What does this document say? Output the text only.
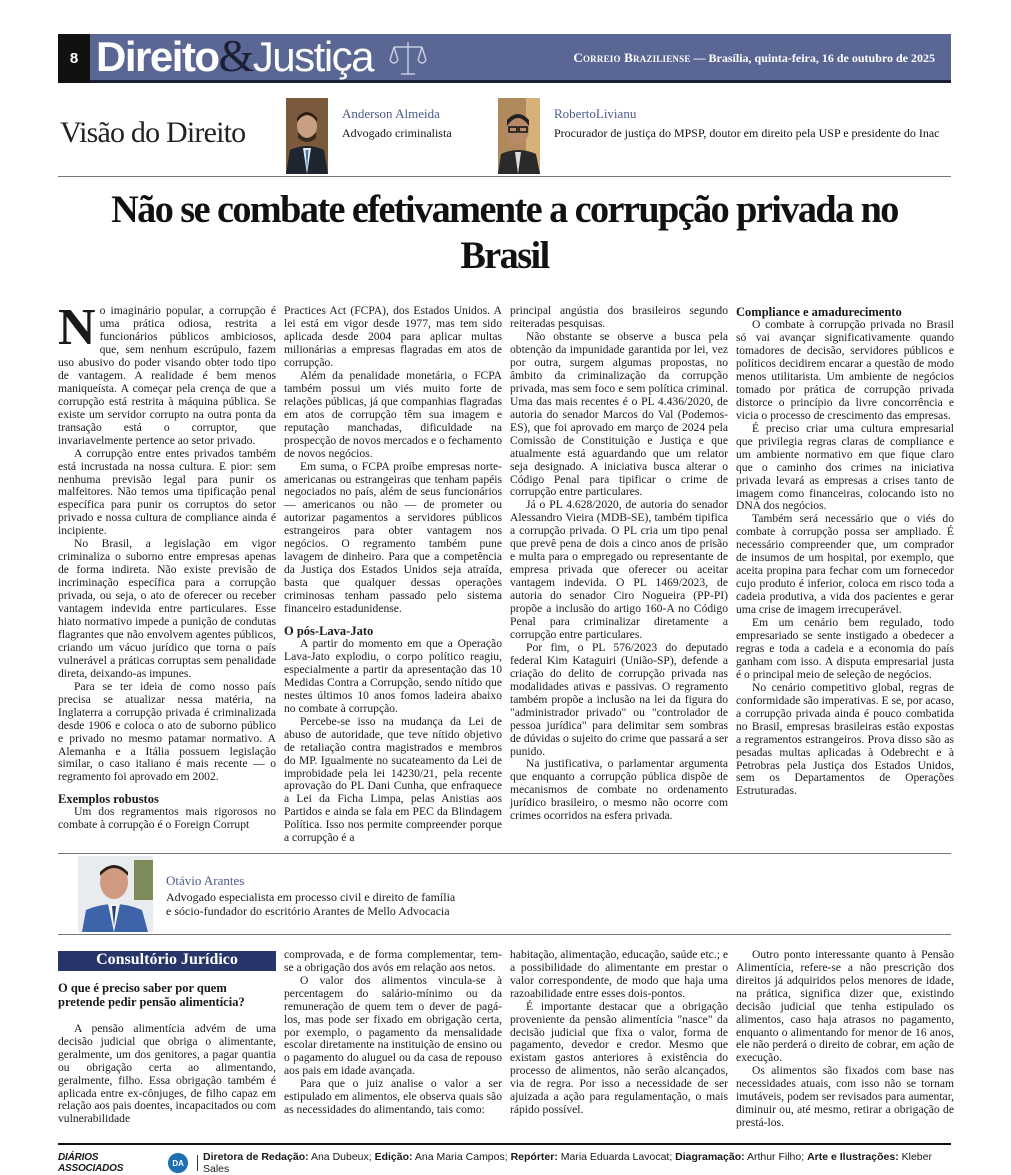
8 Direito&Justiça	Correio Braziliense — Brasília, quinta-feira, 16 de outubro de 2025
Visão do Direito
Anderson Almeida
Advogado criminalista
RobertoLivianu
Procurador de justiça do MPSP, doutor em direito pela USP e presidente do Inac
Não se combate efetivamente a corrupção privada no Brasil

No imaginário popular, a corrupção é uma prática odiosa, restrita a funcionários públicos ambiciosos, que, sem nenhum escrúpulo, fazem uso abusivo do poder visando obter todo tipo de vantagem. A realidade é bem menos maniqueísta. A começar pela crença de que a corrupção está restrita à máquina pública. Se existe um servidor corrupto na outra ponta da transação está o corruptor, que invariavelmente pertence ao setor privado.

A corrupção entre entes privados também está incrustada na nossa cultura. E pior: sem nenhuma previsão legal para punir os malfeitores. Não temos uma tipificação penal específica para punir os corruptos do setor privado e nossa cultura de compliance ainda é incipiente.

No Brasil, a legislação em vigor criminaliza o suborno entre empresas apenas de forma indireta. Não existe previsão de incriminação específica para a corrupção privada, ou seja, o ato de oferecer ou receber vantagem indevida entre particulares. Esse hiato normativo impede a punição de condutas flagrantes que não envolvem agentes públicos, criando um vácuo jurídico que torna o país vulnerável a práticas corruptas sem penalidade direta, deixando-as impunes.

Para se ter ideia de como nosso país precisa se atualizar nessa matéria, na Inglaterra a corrupção privada é criminalizada desde 1906 e coloca o ato de suborno público e privado no mesmo patamar normativo. A Alemanha e a Itália possuem legislação similar, o caso italiano é mais recente — o regramento foi aprovado em 2002.

Exemplos robustos

Um dos regramentos mais rigorosos no combate à corrupção é o Foreign Corrupt

Practices Act (FCPA), dos Estados Unidos. A lei está em vigor desde 1977, mas tem sido aplicada desde 2004 para aplicar multas milionárias a empresas flagradas em atos de corrupção.

Além da penalidade monetária, o FCPA também possui um viés muito forte de relações públicas, já que companhias flagradas em atos de corrupção têm sua imagem e reputação manchadas, dificuldade na prospecção de novos mercados e o fechamento de novos negócios.

Em suma, o FCPA proíbe empresas norte-americanas ou estrangeiras que tenham papéis negociados no país, além de seus funcionários — americanos ou não — de prometer ou autorizar pagamentos a servidores públicos estrangeiros para obter vantagem nos negócios. O regramento também pune lavagem de dinheiro. Para que a competência da Justiça dos Estados Unidos seja atraída, basta que qualquer dessas operações criminosas tenham passado pelo sistema financeiro estadunidense.

O pós-Lava-Jato

A partir do momento em que a Operação Lava-Jato explodiu, o corpo político reagiu, especialmente a partir da apresentação das 10 Medidas Contra a Corrupção, sendo nítido que nestes últimos 10 anos fomos ladeira abaixo no combate à corrupção.

Percebe-se isso na mudança da Lei de abuso de autoridade, que teve nítido objetivo de retaliação contra magistrados e membros do MP. Igualmente no sucateamento da Lei de improbidade pela lei 14230/21, pela recente aprovação do PL Dani Cunha, que enfraquece a Lei da Ficha Limpa, pelas Anistias aos Partidos e ainda se fala em PEC da Blindagem Política. Isso nos permite compreender porque a corrupção é a

principal angústia dos brasileiros segundo reiteradas pesquisas.

Não obstante se observe a busca pela obtenção da impunidade garantida por lei, vez por outra, surgem algumas propostas, no âmbito da criminalização da corrupção privada, mas sem foco e sem política criminal. Uma das mais recentes é o PL 4.436/2020, de autoria do senador Marcos do Val (Podemos-ES), que foi aprovado em março de 2024 pela Comissão de Constituição e Justiça e que atualmente está aguardando que um relator seja designado. A iniciativa busca alterar o Código Penal para tipificar o crime de corrupção entre particulares.

Já o PL 4.628/2020, de autoria do senador Alessandro Vieira (MDB-SE), também tipifica a corrupção privada. O PL cria um tipo penal que prevê pena de dois a cinco anos de prisão e multa para o empregado ou representante de empresa privada que oferecer ou aceitar vantagem indevida. O PL 1469/2023, de autoria do senador Ciro Nogueira (PP-PI) propõe a inclusão do artigo 160-A no Código Penal para criminalizar diretamente a corrupção entre particulares.

Por fim, o PL 576/2023 do deputado federal Kim Kataguiri (União-SP), defende a criação do delito de corrupção privada nas modalidades ativas e passivas. O regramento também propõe a inclusão na lei da figura do "administrador privado" ou "controlador de pessoa jurídica" para delimitar sem sombras de dúvidas o sujeito do crime que passará a ser punido.

Na justificativa, o parlamentar argumenta que enquanto a corrupção pública dispõe de mecanismos de combate no ordenamento jurídico brasileiro, o mesmo não ocorre com crimes ocorridos na esfera privada.

Compliance e amadurecimento

O combate à corrupção privada no Brasil só vai avançar significativamente quando tomadores de decisão, servidores públicos e políticos decidirem encarar a questão de modo menos utilitarista. Um ambiente de negócios tomado por prática de corrupção privada distorce o princípio da livre concorrência e vicia o processo de crescimento das empresas.

É preciso criar uma cultura empresarial que privilegia regras claras de compliance e um ambiente normativo em que fique claro que o caminho dos crimes na iniciativa privada levará as empresas a crises tanto de imagem como financeiras, colocando isto no DNA dos negócios.

Também será necessário que o viés do combate à corrupção possa ser ampliado. É necessário compreender que, um comprador de insumos de um hospital, por exemplo, que aceita propina para fechar com um fornecedor cujo produto é inferior, coloca em risco toda a cadeia produtiva, a vida dos pacientes e gerar uma crise de imagem irrecuperável.

Em um cenário bem regulado, todo empresariado se sente instigado a obedecer a regras e toda a cadeia e a economia do país ganham com isso. A disputa empresarial justa é o principal meio de seleção de negócios.

No cenário competitivo global, regras de conformidade são imperativas. E se, por acaso, a corrupção privada ainda é pouco combatida no Brasil, empresas brasileiras estão expostas a regramentos estrangeiros. Prova disso são as pesadas multas aplicadas à Odebrecht e à Petrobras pela Justiça dos Estados Unidos, sem os Departamentos de Operações Estruturadas.

Otávio Arantes
Advogado especialista em processo civil e direito de família
e sócio-fundador do escritório Arantes de Mello Advocacia
Consultório Jurídico
O que é preciso saber por quem pretende pedir pensão alimentícia?

A pensão alimentícia advém de uma decisão judicial que obriga o alimentante, geralmente, um dos genitores, a pagar quantia ou obrigação certa ao alimentando, geralmente, filho. Essa obrigação também é aplicada entre ex-cônjuges, de filho capaz em relação aos pais doentes, incapacitados ou com vulnerabilidade

comprovada, e de forma complementar, tem-se a obrigação dos avós em relação aos netos.

O valor dos alimentos vincula-se à percentagem do salário-mínimo ou da remuneração de quem tem o dever de pagá-los, mas pode ser fixado em obrigação certa, por exemplo, o pagamento da mensalidade escolar diretamente na instituição de ensino ou o pagamento do aluguel ou da casa de repouso aos pais em idade avançada.

Para que o juiz analise o valor a ser estipulado em alimentos, ele observa quais são as necessidades do alimentando, tais como:

habitação, alimentação, educação, saúde etc.; e a possibilidade do alimentante em prestar o valor correspondente, de modo que haja uma razoabilidade entre esses dois-pontos.

É importante destacar que a obrigação proveniente da pensão alimentícia "nasce" da decisão judicial que fixa o valor, forma de pagamento, devedor e credor. Mesmo que existam gastos anteriores à existência do processo de alimentos, não serão alcançados, via de regra. Por isso a necessidade de ser ajuizada a ação para regulamentação, o mais rápido possível.

Outro ponto interessante quanto à Pensão Alimentícia, refere-se a não prescrição dos direitos já adquiridos pelos menores de idade, na prática, significa dizer que, existindo decisão judicial que tenha estipulado os alimentos, caso haja atrasos no pagamento, enquanto o alimentando for menor de 16 anos, ele não perderá o direito de cobrar, em ação de execução.

Os alimentos são fixados com base nas necessidades atuais, com isso não se tornam imutáveis, podem ser revisados para aumentar, diminuir ou, até mesmo, retirar a obrigação de prestá-los.

DIÁRIOS ASSOCIADOS	DA	Diretora de Redação: Ana Dubeux; Edição: Ana Maria Campos; Repórter: Maria Eduarda Lavocat; Diagramação: Arthur Filho; Arte e Ilustrações: Kleber Sales
